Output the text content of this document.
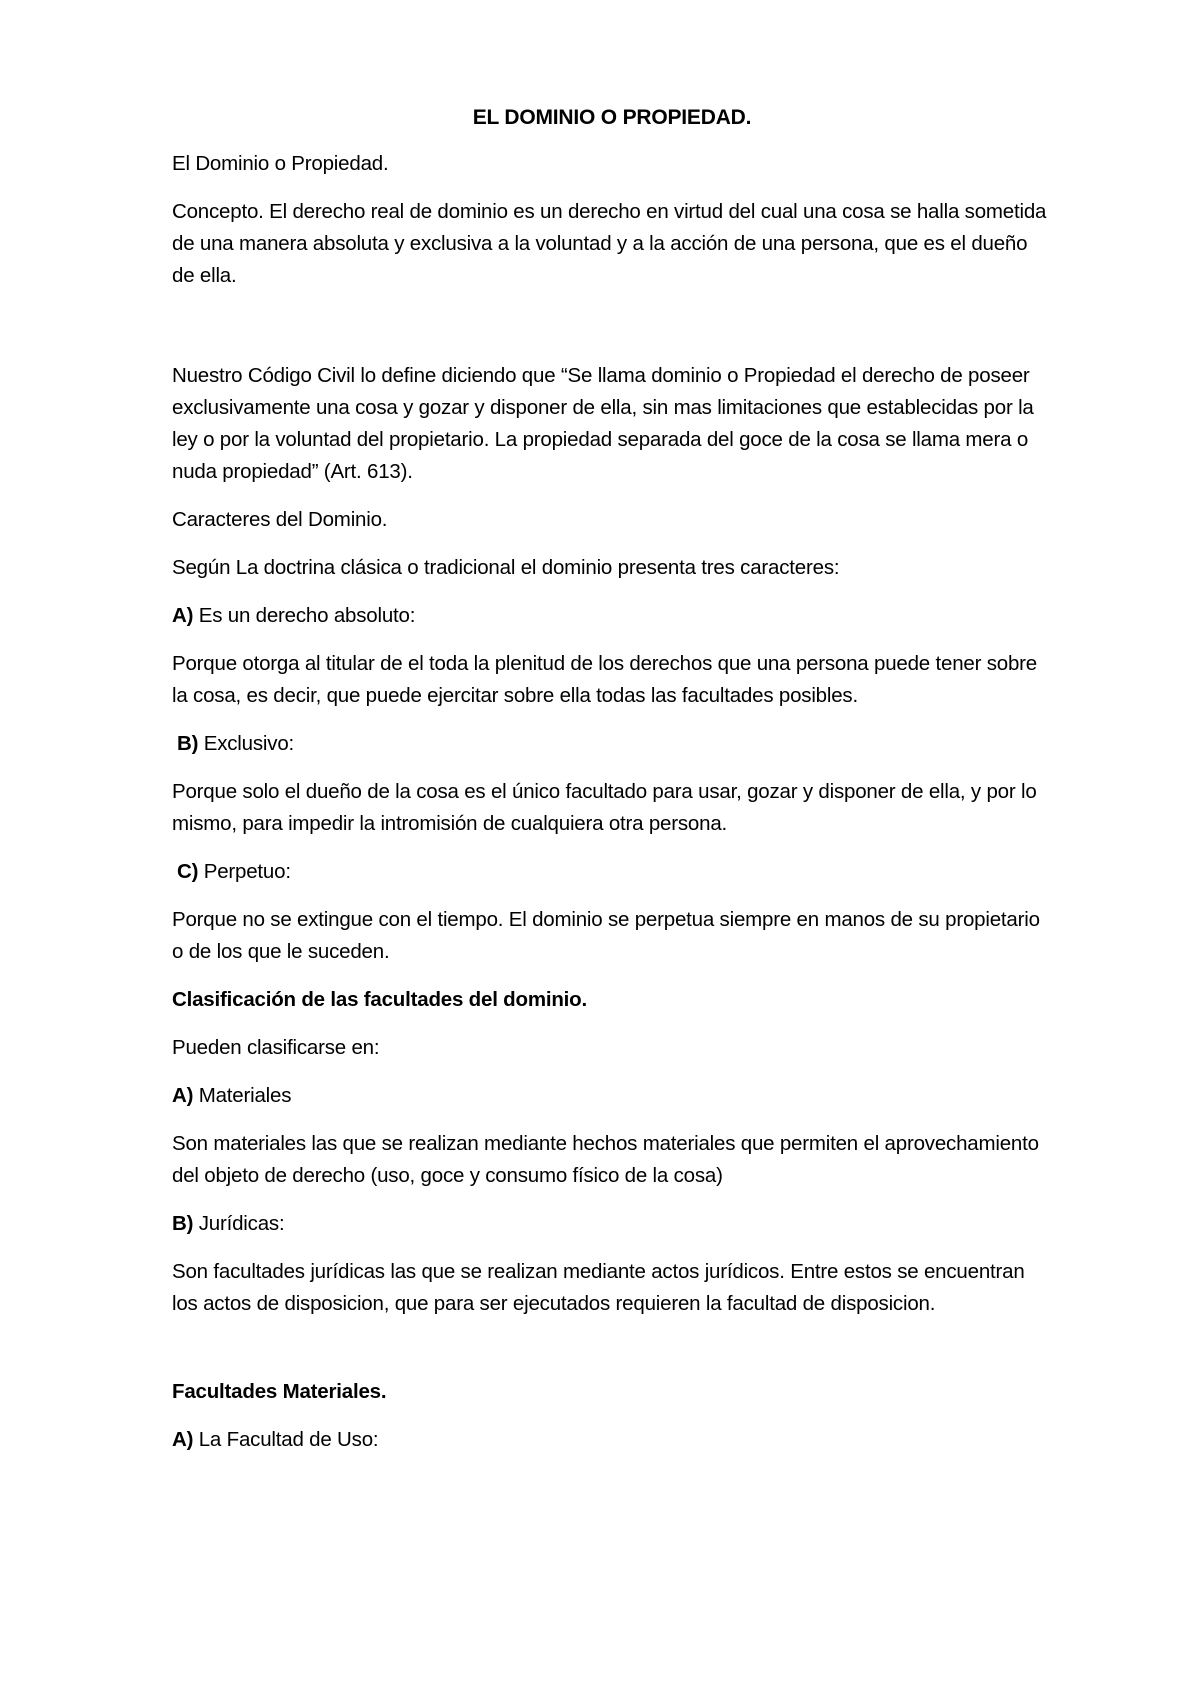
EL DOMINIO O PROPIEDAD.

El Dominio o Propiedad.

Concepto. El derecho real de dominio es un derecho en virtud del cual una cosa se halla sometida de una manera absoluta y exclusiva a la voluntad y a la acción de una persona, que es el dueño de ella.

Nuestro Código Civil lo define diciendo que “Se llama dominio o Propiedad el derecho de poseer exclusivamente una cosa y gozar y disponer de ella, sin mas limitaciones que establecidas por la ley o por la voluntad del propietario. La propiedad separada del goce de la cosa se llama mera o nuda propiedad” (Art. 613).

Caracteres del Dominio.

Según La doctrina clásica o tradicional el dominio presenta tres caracteres:

A) Es un derecho absoluto:

Porque otorga al titular de el toda la plenitud de los derechos que una persona puede tener sobre la cosa, es decir, que puede ejercitar sobre ella todas las facultades posibles.

B) Exclusivo:

Porque solo el dueño de la cosa es el único facultado para usar, gozar y disponer de ella, y por lo mismo, para impedir la intromisión de cualquiera otra persona.

C) Perpetuo:

Porque no se extingue con el tiempo. El dominio se perpetua siempre en manos de su propietario o de los que le suceden.

Clasificación de las facultades del dominio.

Pueden clasificarse en:

A) Materiales

Son materiales las que se realizan mediante hechos materiales que permiten el aprovechamiento del objeto de derecho (uso, goce y consumo físico de la cosa)

B) Jurídicas:

Son facultades jurídicas las que se realizan mediante actos jurídicos. Entre estos se encuentran los actos de disposicion, que para ser ejecutados requieren la facultad de disposicion.

Facultades Materiales.

A) La Facultad de Uso:
